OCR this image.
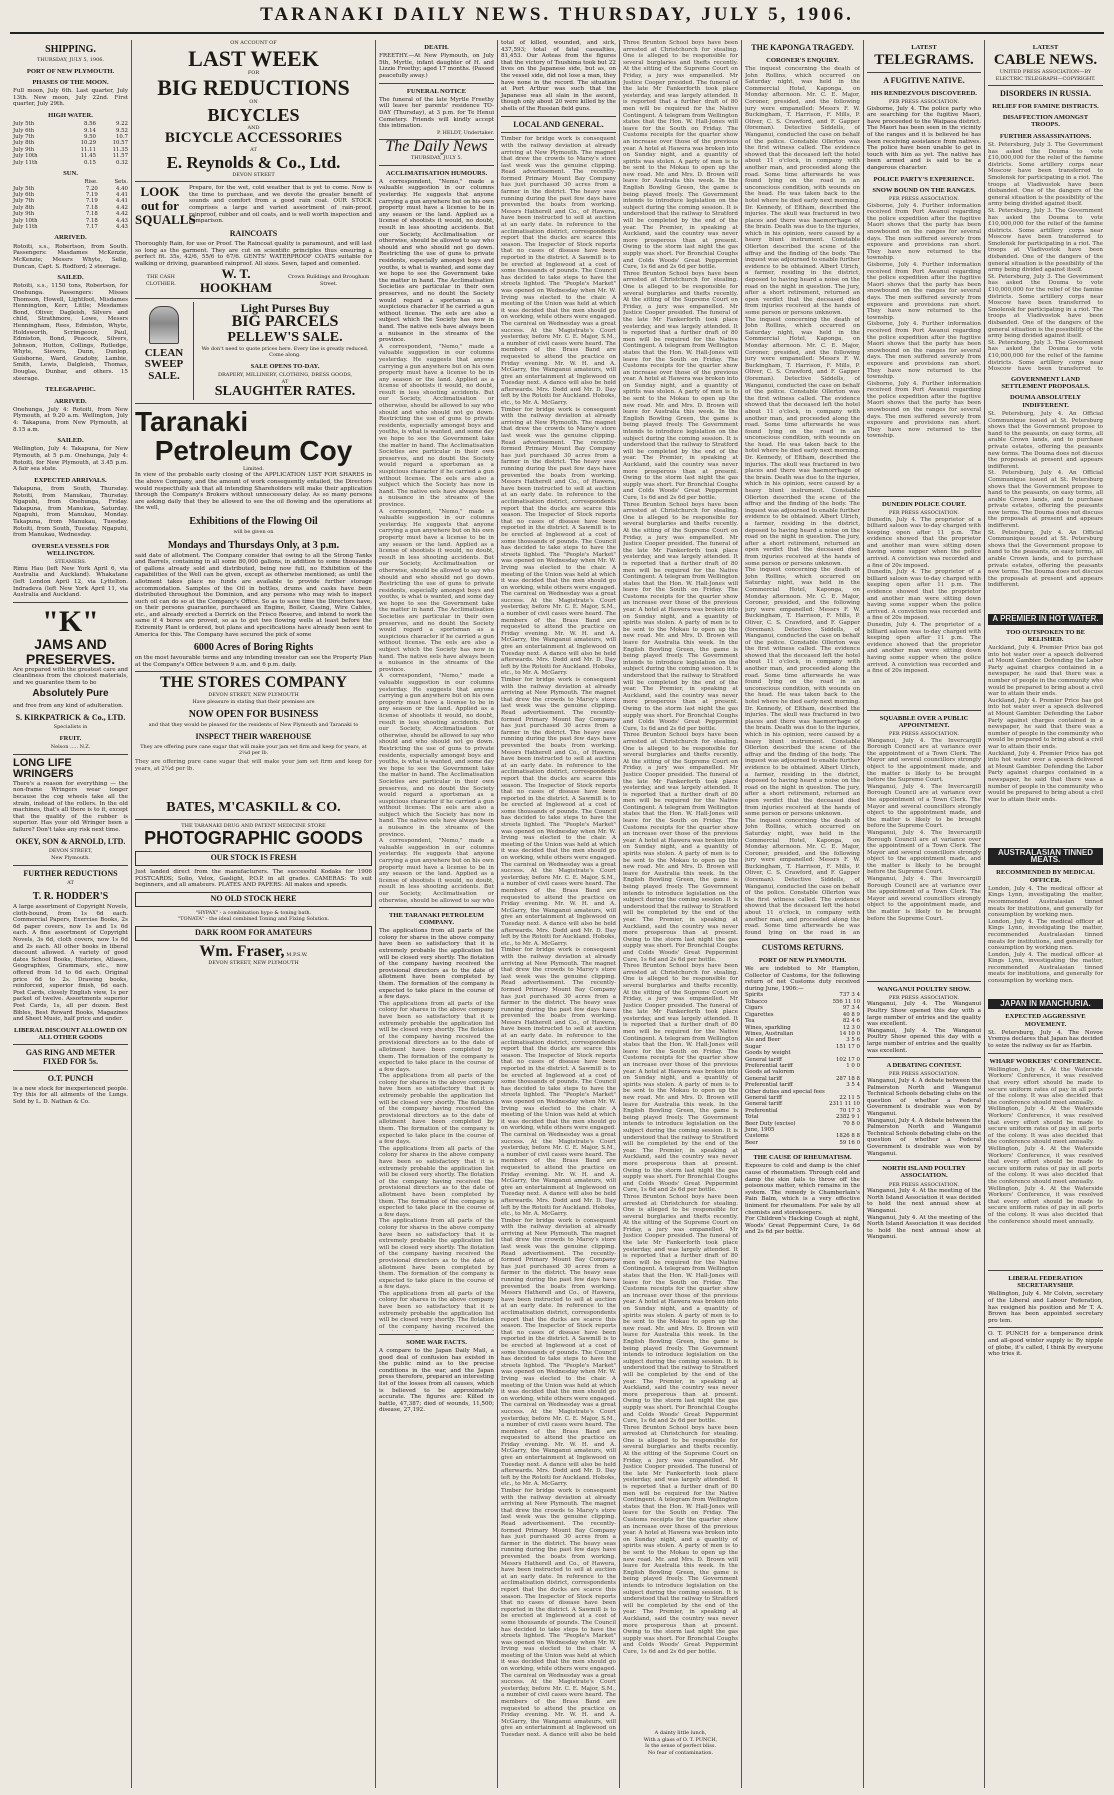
TARANAKI DAILY NEWS. THURSDAY, JULY 5, 1906.
SHIPPING.
THURSDAY, JULY 5, 1906.
PORT OF NEW PLYMOUTH.
PHASES OF THE MOON.
Full moon, July 6th. Last quarter, July 13th. New moon, July 22nd. First quarter, July 29th.
HIGH WATER.
July 5th	8.56	9.22
July 6th	9.14	9.52
July 7th	9.50	10.7
July 8th	10.29	10.57
July 9th	11.11	11.35
July 10th	11.45	11.57
July 11th	0.15	0.32
SUN.
	Rise.	Sets.
July 5th	7.20	4.40
July 6th	7.19	4.41
July 7th	7.19	4.41
July 8th	7.18	4.42
July 9th	7.18	4.42
July 10th	7.18	4.43
July 11th	7.17	4.43
ARRIVED.
Rotoiti, s.s., Robertson, from South. Passengers: Masdames McKenzie, McKenzie; Messrs Whyte, Selig, Duncan, Capt. S. Rodford; 2 steerage.
SAILED.
Rotoiti, s.s., 1150 tons, Robertson, for Onehunga. Passengers: Misses Thomson, Howell, Lightfoot, Misdames Hennington, Kerr, Little; Mesdames Bond, Oliver, Dagleish, Silvers and child, Strathmore, Lowe, Messrs Henningham, Rees, Edmiston, Whyte, Holdsworth, Scrimgeour, Paul, Edmiston, Bond, Peacock, Silvers, Johnson, Hutton, Collings, Rutledge, Whyte, Sievers, Dunn, Dunlop, Guisborne, Ward, Gradoby, Lambie, Smith, Lewis, Dalgleish, Thomas, Douglas, Dunbar, and others. 15 steerage.
TELEGRAPHIC.
ARRIVED.
Onehunga, July 4: Rotoiti, from New Plymouth, at 9.20 a.m. Wellington, July 4: Takapuna, from New Plymouth, at 8.15 a.m.
SAILED.
Wellington, July 4: Takapuna, for New Plymouth, at 5 p.m. Onehunga, July 4: Rotoiti, for New Plymouth, at 3.45 p.m. A fair sea state.
EXPECTED ARRIVALS.
Takapuna, from South, Thursday. Rotoiti, from Manukau, Thursday. Ngapuhi, from Onehunga, Friday. Takapuna, from Manukau, Saturday. Ngapuhi, from Manukau, Monday. Takapuna, from Manukau, Tuesday. Rotoiti, from South, Tuesday. Ngapuhi, from Manukau, Wednesday.
OVERSEA VESSELS FOR WELLINGTON.
STEAMERS.
Rimu Hau (left New York April 6, via Australia and Auckland). Whakatane (left London April 12, via Lyttelton. Indradeva (left New York April 11, via Australia and Auckland.
"K"
JAMS AND PRESERVES.
Are prepared with the greatest care and cleanliness from the choicest materials, and we guarantee them to be
Absolutely Pure
and free from any kind of adulteration.
S. KIRKPATRICK & Co., LTD.
Specialists in
FRUIT.
Nelson ..... N.Z.
LONG LIFE WRINGERS
There's a reason for everything — the non-frame Wringers wear longer because the cog wheels take all the strain, instead of the rollers. In the old machines, that's all there is to it, except that the quality of the rubber is superior. Has your old Wringer been a failure? Don't take any risk next time.
OKEY, SON & ARNOLD, LTD.
DEVON STREET,
New Plymouth.
FURTHER REDUCTIONS
AT
T. R. HODDER'S
A large assortment of Copyright Novels, cloth-bound, from 1s 6d each. Commercial Papers, Exercise Books, 2s 6d paper covers, now 1s and 1s 6d each. A fine assortment of Copyright Novels, 3s 6d, cloth covers, now 1s 6d and 2s each. All other books in liberal discount allowed. A variety of good dates School Books, Histories, Atlases, Geographies, Grammars, etc., now offered from 1d to 6d each. Original price 6d to 2s. Drawing books, reinforced, superior finish, 6d each. Post Cards, closely English view, 1s per packet of twelve. Assortments superior Post Cards, 1s, all per dozen. Best Bibles, Best Reward Books, Magazines and Sheet Music, half price and under.
LIBERAL DISCOUNT ALLOWED ON ALL OTHER GOODS
GAS RING AND METER FIXED FOR 5s.
O.T. PUNCH
is a new stock for inexperienced people. Try this for all ailments of the Lungs. Sold by L. D. Nathan & Co.
ON ACCOUNT OF
LAST WEEK
FOR
BIG REDUCTIONS
ON
BICYCLES
AND
BICYCLE ACCESSORIES
AT
E. Reynolds & Co., Ltd.
DEVON STREET
LOOK out for SQUALLS
Prepare, for the wet, cold weather that is yet to come. Now is the time to purchase, and we devote the greater benefit of sounds and comfort from a good rain coat. OUR STOCK comprises a large and varied assortment of rain-proof, rainproof, rubber and oil coats, and is well worth inspection and comparison.
RAINCOATS
Thoroughly Rain, for use or Proof. The Raincoat quality is paramount, and will last so long as the garment. They are cut on scientific principles thus ensuring a perfect fit. 35s, 42/6, 55/6 to 67/6. GENTS' WATERPROOF COATS suitable for walking or driving, guaranteed rainproof. All sizes. Sewn, taped and cemented.
THE CASH CLOTHIER.
W. T. HOOKHAM
Crown Buildings and Brougham Street.
CLEAN SWEEP SALE.
Light Purses Buy
BIG PARCELS
PELLEW'S SALE.
We don't need to quote prices here. Every line is greatly reduced. Come along.
SALE OPENS TO-DAY.
DRAPERY, MILLINERY, CLOTHING, DRESS GOODS,
AT
SLAUGHTER RATES.
Taranaki
Petroleum Coy
Limited.
In view of the probable early closing of the APPLICATION LIST FOR SHARES in the above Company, and the amount of work consequently entailed, the Directors would respectfully ask that all intending Shareholders will make their application through the Company's Brokers without unnecessary delay. As so many persons are asking daily that they be allowed to see the oil flowing and the operations at the well,
Exhibitions of the Flowing Oil
will be given on
Mondays and Thursdays Only, at 3 p.m.
said date of allotment. The Company consider that owing to all the Strong Tanks and Barrels, containing in all some 80,000 gallons, in addition to some thousands of gallons already sold and distributed, being now full, no Exhibition of the capabilities of the Well can be given, except as otherwise mentioned; as until the allotment takes place no funds are available to provide further storage accommodation. Samples of the Oil in bottles, drums and casks have been distributed throughout the Dominion, and any persons who may wish to inspect such oil can do so at the Company's Office. So as to save time the Directors have, on their persons guarantee, purchased an Engine, Boiler, Casing, Wire Cables, etc., and already erected a Derrick on the Frisco Reserve, and intend to work the same if 4 bores are proved, so as to get two flowing wells at least before the Extremity Plant is ordered, but plans and specifications have already been sent to America for this. The Company have secured the pick of some
6000 Acres of Boring Rights
on the most favourable terms and any intending investor can see the Property Plan at the Company's Office between 9 a.m. and 6 p.m. daily.
THE STORES COMPANY
DEVON STREET, NEW PLYMOUTH
Have pleasure in stating that their premises are
NOW OPEN FOR BUSINESS
and that they would be pleased for the residents of New Plymouth and Taranaki to
INSPECT THEIR WAREHOUSE
They are offering pure cane sugar that will make your jam set firm and keep for years, at 2¼d per lb.
They are offering pure cane sugar that will make your jam set firm and keep for years, at 2¼d per lb.
BATES, M'CASKILL & CO.
THE TARANAKI DRUG AND PATENT MEDICINE STORE
PHOTOGRAPHIC GOODS
OUR STOCK IS FRESH
Just landed direct from the manufacturers. The successful Kodaks for 1906 POSTCARDS; Solio, Velox, Gaslight, P.O.P. in all grades. CAMERAS: To suit beginners, and all amateurs. PLATES AND PAPERS: All makes and speeds.
NO OLD STOCK HERE
"HYPAX" - a combination hypo & toning bath.
"TONATA" - the ideal combined Toning and Fixing Solution.
DARK ROOM FOR AMATEURS
Wm. Fraser, M.P.S.W.
DEVON STREET, NEW PLYMOUTH
DEATH.
FREETHY.—At New Plymouth, on July 5th, Myrtle, infant daughter of H. and Lizzie Freethy; aged 17 months. (Passed peacefully away.)
FUNERAL NOTICE
The funeral of the late Myrtle Freethy will leave her parents' residence TO-DAY (Thursday), at 3 p.m. for Te Henui Cemetery. Friends will kindly accept this intimation.
P. HELDT, Undertaker.
The Daily News
THURSDAY, JULY 5.
ACCLIMATISATION HUMOURS.
A correspondent, "Nemo," made a valuable suggestion in our columns yesterday. He suggests that anyone carrying a gun anywhere but on his own property must have a license to be in any season or the land. Applied as a license of shootists it would, no doubt, result in less shooting accidents. But our Society, Acclimatisation or otherwise, should be allowed to say who should and who should not go down. Restricting the use of guns to private residents, especially amongst boys and youths, is what is wanted, and some day we hope to see the Government take the matter in hand. The Acclimatisation Societies are particular in their own preserves, and no doubt the Society would regard a sportsman as a suspicious character if he carried a gun without license. The eels are also a subject which the Society has now in hand. The native eels have always been a nuisance in the streams of the province.
A correspondent, "Nemo," made a valuable suggestion in our columns yesterday. He suggests that anyone carrying a gun anywhere but on his own property must have a license to be in any season or the land. Applied as a license of shootists it would, no doubt, result in less shooting accidents. But our Society, Acclimatisation or otherwise, should be allowed to say who should and who should not go down. Restricting the use of guns to private residents, especially amongst boys and youths, is what is wanted, and some day we hope to see the Government take the matter in hand. The Acclimatisation Societies are particular in their own preserves, and no doubt the Society would regard a sportsman as a suspicious character if he carried a gun without license. The eels are also a subject which the Society has now in hand. The native eels have always been a nuisance in the streams of the province.
A correspondent, "Nemo," made a valuable suggestion in our columns yesterday. He suggests that anyone carrying a gun anywhere but on his own property must have a license to be in any season or the land. Applied as a license of shootists it would, no doubt, result in less shooting accidents. But our Society, Acclimatisation or otherwise, should be allowed to say who should and who should not go down. Restricting the use of guns to private residents, especially amongst boys and youths, is what is wanted, and some day we hope to see the Government take the matter in hand. The Acclimatisation Societies are particular in their own preserves, and no doubt the Society would regard a sportsman as a suspicious character if he carried a gun without license. The eels are also a subject which the Society has now in hand. The native eels have always been a nuisance in the streams of the province.
A correspondent, "Nemo," made a valuable suggestion in our columns yesterday. He suggests that anyone carrying a gun anywhere but on his own property must have a license to be in any season or the land. Applied as a license of shootists it would, no doubt, result in less shooting accidents. But our Society, Acclimatisation or otherwise, should be allowed to say who should and who should not go down. Restricting the use of guns to private residents, especially amongst boys and youths, is what is wanted, and some day we hope to see the Government take the matter in hand. The Acclimatisation Societies are particular in their own preserves, and no doubt the Society would regard a sportsman as a suspicious character if he carried a gun without license. The eels are also a subject which the Society has now in hand. The native eels have always been a nuisance in the streams of the province.
A correspondent, "Nemo," made a valuable suggestion in our columns yesterday. He suggests that anyone carrying a gun anywhere but on his own property must have a license to be in any season or the land. Applied as a license of shootists it would, no doubt, result in less shooting accidents. But our Society, Acclimatisation or otherwise, should be allowed to say who
THE TARANAKI PETROLEUM COMPANY.
The applications from all parts of the colony for shares in the above company have been so satisfactory that it is extremely probable the application list will be closed very shortly. The flotation of the company having received the provisional directors as to the date of allotment have been completed by them. The formation of the company is expected to take place in the course of a few days.
The applications from all parts of the colony for shares in the above company have been so satisfactory that it is extremely probable the application list will be closed very shortly. The flotation of the company having received the provisional directors as to the date of allotment have been completed by them. The formation of the company is expected to take place in the course of a few days.
The applications from all parts of the colony for shares in the above company have been so satisfactory that it is extremely probable the application list will be closed very shortly. The flotation of the company having received the provisional directors as to the date of allotment have been completed by them. The formation of the company is expected to take place in the course of a few days.
The applications from all parts of the colony for shares in the above company have been so satisfactory that it is extremely probable the application list will be closed very shortly. The flotation of the company having received the provisional directors as to the date of allotment have been completed by them. The formation of the company is expected to take place in the course of a few days.
The applications from all parts of the colony for shares in the above company have been so satisfactory that it is extremely probable the application list will be closed very shortly. The flotation of the company having received the provisional directors as to the date of allotment have been completed by them. The formation of the company is expected to take place in the course of a few days.
The applications from all parts of the colony for shares in the above company have been so satisfactory that it is extremely probable the application list will be closed very shortly. The flotation of the company having received the
SOME WAR FACTS.
A compare to the Japan Daily Mail, a good deal of confusion has existed in the public mind as to the precise conditions in the war, and the Japan press therefore, prepared an interesting list of the losses from all causes, which is believed to be approximately accurate. The figures are: Killed in battle, 47,387; died of wounds, 11,500; disease, 27,192.
total of killed, wounded, and sick, 437,593; total of fatal casualties, 81,453. Our Aoteas from the figures that the victory of Tsushima took but 22 lives on the Japanese side, but as, on the vessel side, did not lose a man, they have none in the record. The situation at Port Arthur was such that the Japanese was all slain in the ascent, though only about 20 were killed by the shells of the Russian field guns.
LOCAL AND GENERAL.
Timber for bridge work is consequent with the railway deviation at already arriving at New Plymouth. The magnet that drew the crowds to Marsy's store last week was the genuine clipping. Read advertisement. The recently-formed Primary Mount Bay Company has just purchased 30 acres from a farmer in the district. The heavy seas running during the past few days have prevented the boats from working. Messrs Hatherell and Co., of Hawera, have been instructed to sell at auction at an early date. In reference to the acclimatisation district, correspondents report that the ducks are scarce this season. The Inspector of Stock reports that no cases of disease have been reported in the district. A Sawmill is to be erected at Inglewood at a cost of some thousands of pounds. The Council has decided to take steps to have the streets lighted. The "People's Market" was opened on Wednesday when Mr. W. Irving was elected to the chair. A meeting of the Union was held at which it was decided that the men should go on working, while others were engaged. The carnival on Wednesday was a great success. At the Magistrate's Court yesterday, before Mr. C. E. Major, S.M., a number of civil cases were heard. The members of the Brass Band are requested to attend the practice on Friday evening. Mr. W. H. and A. McGarry, the Wanganui amateurs, will give an entertainment at Inglewood on Tuesday next. A dance will also be held afterwards. Mrs. Dodd and Mr. D. Day left by the Rotoiti for Auckland. Hoboks, etc., to Mr. A. McGarry.
Timber for bridge work is consequent with the railway deviation at already arriving at New Plymouth. The magnet that drew the crowds to Marsy's store last week was the genuine clipping. Read advertisement. The recently-formed Primary Mount Bay Company has just purchased 30 acres from a farmer in the district. The heavy seas running during the past few days have prevented the boats from working. Messrs Hatherell and Co., of Hawera, have been instructed to sell at auction at an early date. In reference to the acclimatisation district, correspondents report that the ducks are scarce this season. The Inspector of Stock reports that no cases of disease have been reported in the district. A Sawmill is to be erected at Inglewood at a cost of some thousands of pounds. The Council has decided to take steps to have the streets lighted. The "People's Market" was opened on Wednesday when Mr. W. Irving was elected to the chair. A meeting of the Union was held at which it was decided that the men should go on working, while others were engaged. The carnival on Wednesday was a great success. At the Magistrate's Court yesterday, before Mr. C. E. Major, S.M., a number of civil cases were heard. The members of the Brass Band are requested to attend the practice on Friday evening. Mr. W. H. and A. McGarry, the Wanganui amateurs, will give an entertainment at Inglewood on Tuesday next. A dance will also be held afterwards. Mrs. Dodd and Mr. D. Day left by the Rotoiti for Auckland. Hoboks, etc., to Mr. A. McGarry.
Timber for bridge work is consequent with the railway deviation at already arriving at New Plymouth. The magnet that drew the crowds to Marsy's store last week was the genuine clipping. Read advertisement. The recently-formed Primary Mount Bay Company has just purchased 30 acres from a farmer in the district. The heavy seas running during the past few days have prevented the boats from working. Messrs Hatherell and Co., of Hawera, have been instructed to sell at auction at an early date. In reference to the acclimatisation district, correspondents report that the ducks are scarce this season. The Inspector of Stock reports that no cases of disease have been reported in the district. A Sawmill is to be erected at Inglewood at a cost of some thousands of pounds. The Council has decided to take steps to have the streets lighted. The "People's Market" was opened on Wednesday when Mr. W. Irving was elected to the chair. A meeting of the Union was held at which it was decided that the men should go on working, while others were engaged. The carnival on Wednesday was a great success. At the Magistrate's Court yesterday, before Mr. C. E. Major, S.M., a number of civil cases were heard. The members of the Brass Band are requested to attend the practice on Friday evening. Mr. W. H. and A. McGarry, the Wanganui amateurs, will give an entertainment at Inglewood on Tuesday next. A dance will also be held afterwards. Mrs. Dodd and Mr. D. Day left by the Rotoiti for Auckland. Hoboks, etc., to Mr. A. McGarry.
Timber for bridge work is consequent with the railway deviation at already arriving at New Plymouth. The magnet that drew the crowds to Marsy's store last week was the genuine clipping. Read advertisement. The recently-formed Primary Mount Bay Company has just purchased 30 acres from a farmer in the district. The heavy seas running during the past few days have prevented the boats from working. Messrs Hatherell and Co., of Hawera, have been instructed to sell at auction at an early date. In reference to the acclimatisation district, correspondents report that the ducks are scarce this season. The Inspector of Stock reports that no cases of disease have been reported in the district. A Sawmill is to be erected at Inglewood at a cost of some thousands of pounds. The Council has decided to take steps to have the streets lighted. The "People's Market" was opened on Wednesday when Mr. W. Irving was elected to the chair. A meeting of the Union was held at which it was decided that the men should go on working, while others were engaged. The carnival on Wednesday was a great success. At the Magistrate's Court yesterday, before Mr. C. E. Major, S.M., a number of civil cases were heard. The members of the Brass Band are requested to attend the practice on Friday evening. Mr. W. H. and A. McGarry, the Wanganui amateurs, will give an entertainment at Inglewood on Tuesday next. A dance will also be held afterwards. Mrs. Dodd and Mr. D. Day left by the Rotoiti for Auckland. Hoboks, etc., to Mr. A. McGarry.
Timber for bridge work is consequent with the railway deviation at already arriving at New Plymouth. The magnet that drew the crowds to Marsy's store last week was the genuine clipping. Read advertisement. The recently-formed Primary Mount Bay Company has just purchased 30 acres from a farmer in the district. The heavy seas running during the past few days have prevented the boats from working. Messrs Hatherell and Co., of Hawera, have been instructed to sell at auction at an early date. In reference to the acclimatisation district, correspondents report that the ducks are scarce this season. The Inspector of Stock reports that no cases of disease have been reported in the district. A Sawmill is to be erected at Inglewood at a cost of some thousands of pounds. The Council has decided to take steps to have the streets lighted. The "People's Market" was opened on Wednesday when Mr. W. Irving was elected to the chair. A meeting of the Union was held at which it was decided that the men should go on working, while others were engaged. The carnival on Wednesday was a great success. At the Magistrate's Court yesterday, before Mr. C. E. Major, S.M., a number of civil cases were heard. The members of the Brass Band are requested to attend the practice on Friday evening. Mr. W. H. and A. McGarry, the Wanganui amateurs, will give an entertainment at Inglewood on Tuesday next. A dance will also be held afterwards. Mrs. Dodd and Mr. D. Day left by the Rotoiti for Auckland. Hoboks, etc., to Mr. A. McGarry.
Timber for bridge work is consequent with the railway deviation at already arriving at New Plymouth. The magnet that drew the crowds to Marsy's store last week was the genuine clipping. Read advertisement. The recently-formed Primary Mount Bay Company has just purchased 30 acres from a farmer in the district. The heavy seas running during the past few days have prevented the boats from working. Messrs Hatherell and Co., of Hawera, have been instructed to sell at auction at an early date. In reference to the acclimatisation district, correspondents report that the ducks are scarce this season. The Inspector of Stock reports that no cases of disease have been reported in the district. A Sawmill is to be erected at Inglewood at a cost of some thousands of pounds. The Council has decided to take steps to have the streets lighted. The "People's Market" was opened on Wednesday when Mr. W. Irving was elected to the chair. A meeting of the Union was held at which it was decided that the men should go on working, while others were engaged. The carnival on Wednesday was a great success. At the Magistrate's Court yesterday, before Mr. C. E. Major, S.M., a number of civil cases were heard. The members of the Brass Band are requested to attend the practice on Friday evening. Mr. W. H. and A. McGarry, the Wanganui amateurs, will give an entertainment at Inglewood on Tuesday next. A dance will also be held
Three Brunton School boys have been arrested at Christchurch for stealing. One is alleged to be responsible for several burglaries and thefts recently. At the sitting of the Supreme Court on Friday, a jury was empanelled. Mr Justice Cooper presided. The funeral of the late Mr Fankerforth took place yesterday, and was largely attended. It is reported that a further draft of 80 men will be required for the Native Contingent. A telegram from Wellington states that the Hon. W. Hall-Jones will leave for the South on Friday. The Customs receipts for the quarter show an increase over those of the previous year. A hotel at Hawera was broken into on Sunday night, and a quantity of spirits was stolen. A party of men is to be sent to the Mokau to open up the new road. Mr. and Mrs. D. Brown will leave for Australia this week. In the English Bowling Green, the game is being played freely. The Government intends to introduce legislation on the subject during the coming session. It is understood that the railway to Stratford will be completed by the end of the year. The Premier, in speaking at Auckland, said the country was never more prosperous than at present. Owing to the storm last night the gas supply was short. For Bronchial Coughs and Colds Woods' Great Peppermint Cure, 1s 6d and 2s 6d per bottle.
Three Brunton School boys have been arrested at Christchurch for stealing. One is alleged to be responsible for several burglaries and thefts recently. At the sitting of the Supreme Court on Friday, a jury was empanelled. Mr Justice Cooper presided. The funeral of the late Mr Fankerforth took place yesterday, and was largely attended. It is reported that a further draft of 80 men will be required for the Native Contingent. A telegram from Wellington states that the Hon. W. Hall-Jones will leave for the South on Friday. The Customs receipts for the quarter show an increase over those of the previous year. A hotel at Hawera was broken into on Sunday night, and a quantity of spirits was stolen. A party of men is to be sent to the Mokau to open up the new road. Mr. and Mrs. D. Brown will leave for Australia this week. In the English Bowling Green, the game is being played freely. The Government intends to introduce legislation on the subject during the coming session. It is understood that the railway to Stratford will be completed by the end of the year. The Premier, in speaking at Auckland, said the country was never more prosperous than at present. Owing to the storm last night the gas supply was short. For Bronchial Coughs and Colds Woods' Great Peppermint Cure, 1s 6d and 2s 6d per bottle.
Three Brunton School boys have been arrested at Christchurch for stealing. One is alleged to be responsible for several burglaries and thefts recently. At the sitting of the Supreme Court on Friday, a jury was empanelled. Mr Justice Cooper presided. The funeral of the late Mr Fankerforth took place yesterday, and was largely attended. It is reported that a further draft of 80 men will be required for the Native Contingent. A telegram from Wellington states that the Hon. W. Hall-Jones will leave for the South on Friday. The Customs receipts for the quarter show an increase over those of the previous year. A hotel at Hawera was broken into on Sunday night, and a quantity of spirits was stolen. A party of men is to be sent to the Mokau to open up the new road. Mr. and Mrs. D. Brown will leave for Australia this week. In the English Bowling Green, the game is being played freely. The Government intends to introduce legislation on the subject during the coming session. It is understood that the railway to Stratford will be completed by the end of the year. The Premier, in speaking at Auckland, said the country was never more prosperous than at present. Owing to the storm last night the gas supply was short. For Bronchial Coughs and Colds Woods' Great Peppermint Cure, 1s 6d and 2s 6d per bottle.
Three Brunton School boys have been arrested at Christchurch for stealing. One is alleged to be responsible for several burglaries and thefts recently. At the sitting of the Supreme Court on Friday, a jury was empanelled. Mr Justice Cooper presided. The funeral of the late Mr Fankerforth took place yesterday, and was largely attended. It is reported that a further draft of 80 men will be required for the Native Contingent. A telegram from Wellington states that the Hon. W. Hall-Jones will leave for the South on Friday. The Customs receipts for the quarter show an increase over those of the previous year. A hotel at Hawera was broken into on Sunday night, and a quantity of spirits was stolen. A party of men is to be sent to the Mokau to open up the new road. Mr. and Mrs. D. Brown will leave for Australia this week. In the English Bowling Green, the game is being played freely. The Government intends to introduce legislation on the subject during the coming session. It is understood that the railway to Stratford will be completed by the end of the year. The Premier, in speaking at Auckland, said the country was never more prosperous than at present. Owing to the storm last night the gas supply was short. For Bronchial Coughs and Colds Woods' Great Peppermint Cure, 1s 6d and 2s 6d per bottle.
Three Brunton School boys have been arrested at Christchurch for stealing. One is alleged to be responsible for several burglaries and thefts recently. At the sitting of the Supreme Court on Friday, a jury was empanelled. Mr Justice Cooper presided. The funeral of the late Mr Fankerforth took place yesterday, and was largely attended. It is reported that a further draft of 80 men will be required for the Native Contingent. A telegram from Wellington states that the Hon. W. Hall-Jones will leave for the South on Friday. The Customs receipts for the quarter show an increase over those of the previous year. A hotel at Hawera was broken into on Sunday night, and a quantity of spirits was stolen. A party of men is to be sent to the Mokau to open up the new road. Mr. and Mrs. D. Brown will leave for Australia this week. In the English Bowling Green, the game is being played freely. The Government intends to introduce legislation on the subject during the coming session. It is understood that the railway to Stratford will be completed by the end of the year. The Premier, in speaking at Auckland, said the country was never more prosperous than at present. Owing to the storm last night the gas supply was short. For Bronchial Coughs and Colds Woods' Great Peppermint Cure, 1s 6d and 2s 6d per bottle.
Three Brunton School boys have been arrested at Christchurch for stealing. One is alleged to be responsible for several burglaries and thefts recently. At the sitting of the Supreme Court on Friday, a jury was empanelled. Mr Justice Cooper presided. The funeral of the late Mr Fankerforth took place yesterday, and was largely attended. It is reported that a further draft of 80 men will be required for the Native Contingent. A telegram from Wellington states that the Hon. W. Hall-Jones will leave for the South on Friday. The Customs receipts for the quarter show an increase over those of the previous year. A hotel at Hawera was broken into on Sunday night, and a quantity of spirits was stolen. A party of men is to be sent to the Mokau to open up the new road. Mr. and Mrs. D. Brown will leave for Australia this week. In the English Bowling Green, the game is being played freely. The Government intends to introduce legislation on the subject during the coming session. It is understood that the railway to Stratford will be completed by the end of the year. The Premier, in speaking at Auckland, said the country was never more prosperous than at present. Owing to the storm last night the gas supply was short. For Bronchial Coughs and Colds Woods' Great Peppermint Cure, 1s 6d and 2s 6d per bottle.
Three Brunton School boys have been arrested at Christchurch for stealing. One is alleged to be responsible for several burglaries and thefts recently. At the sitting of the Supreme Court on Friday, a jury was empanelled. Mr Justice Cooper presided. The funeral of the late Mr Fankerforth took place yesterday, and was largely attended. It is reported that a further draft of 80 men will be required for the Native Contingent. A telegram from Wellington states that the Hon. W. Hall-Jones will leave for the South on Friday. The Customs receipts for the quarter show an increase over those of the previous year. A hotel at Hawera was broken into on Sunday night, and a quantity of spirits was stolen. A party of men is to be sent to the Mokau to open up the new road. Mr. and Mrs. D. Brown will leave for Australia this week. In the English Bowling Green, the game is being played freely. The Government intends to introduce legislation on the subject during the coming session. It is understood that the railway to Stratford will be completed by the end of the year. The Premier, in speaking at Auckland, said the country was never more prosperous than at present. Owing to the storm last night the gas supply was short. For Bronchial Coughs and Colds Woods' Great Peppermint Cure, 1s 6d and 2s 6d per bottle.
A dainty little lunch,
With a glass of O. T. PUNCH,
Is the sense of perfect bliss.
No fear of contamination.
THE KAPONGA TRAGEDY.
CORONER'S ENQUIRY.
The inquest concerning the death of John Rollins, which occurred on Saturday night, was held in the Commercial Hotel, Kaponga, on Monday afternoon. Mr. C. E. Major, Coroner, presided, and the following jury were empanelled: Messrs F. W. Buckingham, T. Harrison, F. Mills, P. Oliver, C. S. Crawford, and F. Gapper (foreman). Detective Siddells, of Wanganui, conducted the case on behalf of the police. Constable Ollerton was the first witness called. The evidence showed that the deceased left the hotel about 11 o'clock, in company with another man, and proceeded along the road. Some time afterwards he was found lying on the road in an unconscious condition, with wounds on the head. He was taken back to the hotel where he died early next morning. Dr. Kennedy, of Eltham, described the injuries. The skull was fractured in two places and there was haemorrhage of the brain. Death was due to the injuries, which in his opinion, were caused by a heavy blunt instrument. Constable Ollerton described the scene of the affray and the finding of the body. The inquest was adjourned to enable further evidence to be obtained. Albert Ulrich, a farmer, residing in the district, deposed to having heard a noise on the road on the night in question. The jury, after a short retirement, returned an open verdict that the deceased died from injuries received at the hands of some person or persons unknown.
The inquest concerning the death of John Rollins, which occurred on Saturday night, was held in the Commercial Hotel, Kaponga, on Monday afternoon. Mr. C. E. Major, Coroner, presided, and the following jury were empanelled: Messrs F. W. Buckingham, T. Harrison, F. Mills, P. Oliver, C. S. Crawford, and F. Gapper (foreman). Detective Siddells, of Wanganui, conducted the case on behalf of the police. Constable Ollerton was the first witness called. The evidence showed that the deceased left the hotel about 11 o'clock, in company with another man, and proceeded along the road. Some time afterwards he was found lying on the road in an unconscious condition, with wounds on the head. He was taken back to the hotel where he died early next morning. Dr. Kennedy, of Eltham, described the injuries. The skull was fractured in two places and there was haemorrhage of the brain. Death was due to the injuries, which in his opinion, were caused by a heavy blunt instrument. Constable Ollerton described the scene of the affray and the finding of the body. The inquest was adjourned to enable further evidence to be obtained. Albert Ulrich, a farmer, residing in the district, deposed to having heard a noise on the road on the night in question. The jury, after a short retirement, returned an open verdict that the deceased died from injuries received at the hands of some person or persons unknown.
The inquest concerning the death of John Rollins, which occurred on Saturday night, was held in the Commercial Hotel, Kaponga, on Monday afternoon. Mr. C. E. Major, Coroner, presided, and the following jury were empanelled: Messrs F. W. Buckingham, T. Harrison, F. Mills, P. Oliver, C. S. Crawford, and F. Gapper (foreman). Detective Siddells, of Wanganui, conducted the case on behalf of the police. Constable Ollerton was the first witness called. The evidence showed that the deceased left the hotel about 11 o'clock, in company with another man, and proceeded along the road. Some time afterwards he was found lying on the road in an unconscious condition, with wounds on the head. He was taken back to the hotel where he died early next morning. Dr. Kennedy, of Eltham, described the injuries. The skull was fractured in two places and there was haemorrhage of the brain. Death was due to the injuries, which in his opinion, were caused by a heavy blunt instrument. Constable Ollerton described the scene of the affray and the finding of the body. The inquest was adjourned to enable further evidence to be obtained. Albert Ulrich, a farmer, residing in the district, deposed to having heard a noise on the road on the night in question. The jury, after a short retirement, returned an open verdict that the deceased died from injuries received at the hands of some person or persons unknown.
The inquest concerning the death of John Rollins, which occurred on Saturday night, was held in the Commercial Hotel, Kaponga, on Monday afternoon. Mr. C. E. Major, Coroner, presided, and the following jury were empanelled: Messrs F. W. Buckingham, T. Harrison, F. Mills, P. Oliver, C. S. Crawford, and F. Gapper (foreman). Detective Siddells, of Wanganui, conducted the case on behalf of the police. Constable Ollerton was the first witness called. The evidence showed that the deceased left the hotel about 11 o'clock, in company with another man, and proceeded along the road. Some time afterwards he was found lying on the road in an
CUSTOMS RETURNS.
PORT OF NEW PLYMOUTH.
We are indebted to Mr Hampton, Collector of Customs, for the following return of net Customs duty received during June, 1906:—
Spirits	737 3 4
Tobacco	556 11 10
Cigars	97 3 4
Cigarettes	40 8 9
Tea	82 4 6
Wines, sparkling	12 3 0
Wines, Australian	14 10 0
Ale and Beer	3 5 6
Sugar	151 17 0
Goods by weight	
General tariff	102 17 0
Preferential tariff	1 0 0
Goods ad valorem	
General tariff	287 18 8
Preferential tariff	3 5 4
Other duties and special fees	
General tariff	22 11 5
General tariff	2311 11 10
Preferential	70 17 3
Total	2382 9 1
Beer Duty (excise)	70 8 0
June, 1905	
Customs	1826 8 8
Beer	59 16 0
THE CAUSE OF RHEUMATISM.
Exposure to cold and damp is the chief cause of rheumatism. Through cold and damp the skin fails to throw off the poisonous matter, which remains in the system. The remedy is Chamberlain's Pain Balm, which is a very effective liniment for rheumatism. For sale by all chemists and storekeepers.
For Children's Hacking Cough at night, Woods' Great Peppermint Cure, 1s 6d and 2s 6d per bottle.
LATEST
TELEGRAMS.
A FUGITIVE NATIVE.
HIS RENDEZVOUS DISCOVERED.
PER PRESS ASSOCIATION.
Gisborne, July 4. The police party who are searching for the fugitive Maori, have proceeded to the Waipaoa district. The Maori has been seen in the vicinity of the ranges and it is believed he has been receiving assistance from natives. The police have been unable to get in touch with him as yet. The native has been armed and is said to be a dangerous character.
POLICE PARTY'S EXPERIENCE.
SNOW BOUND ON THE RANGES.
PER PRESS ASSOCIATION.
Gisborne, July 4. Further information received from Port Awanui regarding the police expedition after the fugitive Maori shows that the party has been snowbound on the ranges for several days. The men suffered severely from exposure and provisions ran short. They have now returned to the township.
Gisborne, July 4. Further information received from Port Awanui regarding the police expedition after the fugitive Maori shows that the party has been snowbound on the ranges for several days. The men suffered severely from exposure and provisions ran short. They have now returned to the township.
Gisborne, July 4. Further information received from Port Awanui regarding the police expedition after the fugitive Maori shows that the party has been snowbound on the ranges for several days. The men suffered severely from exposure and provisions ran short. They have now returned to the township.
Gisborne, July 4. Further information received from Port Awanui regarding the police expedition after the fugitive Maori shows that the party has been snowbound on the ranges for several days. The men suffered severely from exposure and provisions ran short. They have now returned to the township.
DUNEDIN POLICE COURT.
PER PRESS ASSOCIATION.
Dunedin, July 4. The proprietor of a billiard saloon was to-day charged with keeping open after 11 p.m. The evidence showed that the proprietor and another man were sitting down having some supper when the police arrived. A conviction was recorded and a fine of 20s imposed.
Dunedin, July 4. The proprietor of a billiard saloon was to-day charged with keeping open after 11 p.m. The evidence showed that the proprietor and another man were sitting down having some supper when the police arrived. A conviction was recorded and a fine of 20s imposed.
Dunedin, July 4. The proprietor of a billiard saloon was to-day charged with keeping open after 11 p.m. The evidence showed that the proprietor and another man were sitting down having some supper when the police arrived. A conviction was recorded and a fine of 20s imposed.
SQUABBLE OVER A PUBLIC APPOINTMENT.
PER PRESS ASSOCIATION.
Wanganui, July 4. The Invercargill Borough Council are at variance over the appointment of a Town Clerk. The Mayor and several councillors strongly object to the appointment made, and the matter is likely to be brought before the Supreme Court.
Wanganui, July 4. The Invercargill Borough Council are at variance over the appointment of a Town Clerk. The Mayor and several councillors strongly object to the appointment made, and the matter is likely to be brought before the Supreme Court.
Wanganui, July 4. The Invercargill Borough Council are at variance over the appointment of a Town Clerk. The Mayor and several councillors strongly object to the appointment made, and the matter is likely to be brought before the Supreme Court.
Wanganui, July 4. The Invercargill Borough Council are at variance over the appointment of a Town Clerk. The Mayor and several councillors strongly object to the appointment made, and the matter is likely to be brought before the Supreme Court.
WANGANUI POULTRY SHOW.
PER PRESS ASSOCIATION.
Wanganui, July 4. The Wanganui Poultry Show opened this day with a large number of entries and the quality was excellent.
Wanganui, July 4. The Wanganui Poultry Show opened this day with a large number of entries and the quality was excellent.
A DEBATING CONTEST.
PER PRESS ASSOCIATION.
Wanganui, July 4. A debate between the Palmerston North and Wanganui Technical Schools debating clubs on the question of whether a Federal Government is desirable was won by Wanganui.
Wanganui, July 4. A debate between the Palmerston North and Wanganui Technical Schools debating clubs on the question of whether a Federal Government is desirable was won by Wanganui.
NORTH ISLAND POULTRY ASSOCIATION.
PER PRESS ASSOCIATION.
Wanganui, July 4. At the meeting of the North Island Association it was decided to hold the next annual show at Wanganui.
Wanganui, July 4. At the meeting of the North Island Association it was decided to hold the next annual show at Wanganui.
LATEST
CABLE NEWS.
UNITED PRESS ASSOCIATION—BY ELECTRIC TELEGRAPH—COPYRIGHT.
DISORDERS IN RUSSIA.
RELIEF FOR FAMINE DISTRICTS.
DISAFFECTION AMONGST TROOPS.
FURTHER ASSASSINATIONS.
St. Petersburg, July 3. The Government has asked the Douma to vote £10,000,000 for the relief of the famine districts. Some artillery corps near Moscow have been transferred to Smolensk for participating in a riot. The troops at Vladivostok have been disbanded. One of the dangers of the general situation is the possibility of the army being divided against itself.
St. Petersburg, July 3. The Government has asked the Douma to vote £10,000,000 for the relief of the famine districts. Some artillery corps near Moscow have been transferred to Smolensk for participating in a riot. The troops at Vladivostok have been disbanded. One of the dangers of the general situation is the possibility of the army being divided against itself.
St. Petersburg, July 3. The Government has asked the Douma to vote £10,000,000 for the relief of the famine districts. Some artillery corps near Moscow have been transferred to Smolensk for participating in a riot. The troops at Vladivostok have been disbanded. One of the dangers of the general situation is the possibility of the army being divided against itself.
St. Petersburg, July 3. The Government has asked the Douma to vote £10,000,000 for the relief of the famine districts. Some artillery corps near Moscow have been transferred to
GOVERNMENT LAND SETTLEMENT PROPOSALS.
DOUMA ABSOLUTELY INDIFFERENT.
St. Petersburg, July 4. An Official Communique issued at St. Petersburg shows that the Government propose to hand to the peasants, on easy terms, all arable Crown lands, and to purchase private estates, offering the peasants new terms. The Douma does not discuss the proposals at present and appears indifferent.
St. Petersburg, July 4. An Official Communique issued at St. Petersburg shows that the Government propose to hand to the peasants, on easy terms, all arable Crown lands, and to purchase private estates, offering the peasants new terms. The Douma does not discuss the proposals at present and appears indifferent.
St. Petersburg, July 4. An Official Communique issued at St. Petersburg shows that the Government propose to hand to the peasants, on easy terms, all arable Crown lands, and to purchase private estates, offering the peasants new terms. The Douma does not discuss the proposals at present and appears indifferent.
A PREMIER IN HOT WATER.
TOO OUTSPOKEN TO BE RELISHED.
Auckland, July 4. Premier Price has got into hot water over a speech delivered at Mount Gambier. Defending the Labor Party against charges contained in a newspaper, he said that there was a number of people in the community who would be prepared to bring about a civil war to attain their ends.
Auckland, July 4. Premier Price has got into hot water over a speech delivered at Mount Gambier. Defending the Labor Party against charges contained in a newspaper, he said that there was a number of people in the community who would be prepared to bring about a civil war to attain their ends.
Auckland, July 4. Premier Price has got into hot water over a speech delivered at Mount Gambier. Defending the Labor Party against charges contained in a newspaper, he said that there was a number of people in the community who would be prepared to bring about a civil war to attain their ends.
AUSTRALASIAN TINNED MEATS.
RECOMMENDED BY MEDICAL OFFICER.
London, July 4. The medical officer at Kings Lynn, investigating the matter, recommended Australasian tinned meats for institutions, and generally for consumption by working men.
London, July 4. The medical officer at Kings Lynn, investigating the matter, recommended Australasian tinned meats for institutions, and generally for consumption by working men.
London, July 4. The medical officer at Kings Lynn, investigating the matter, recommended Australasian tinned meats for institutions, and generally for consumption by working men.
JAPAN IN MANCHURIA.
EXPECTED AGGRESSIVE MOVEMENT.
St. Petersburg, July 4. The Novoe Vremya declares that Japan has decided to seize the railway as far as Harbin.
WHARF WORKERS' CONFERENCE.
Wellington, July 4. At the Waterside Workers' Conference, it was resolved that every effort should be made to secure uniform rates of pay in all ports of the colony. It was also decided that the conference should meet annually.
Wellington, July 4. At the Waterside Workers' Conference, it was resolved that every effort should be made to secure uniform rates of pay in all ports of the colony. It was also decided that the conference should meet annually.
Wellington, July 4. At the Waterside Workers' Conference, it was resolved that every effort should be made to secure uniform rates of pay in all ports of the colony. It was also decided that the conference should meet annually.
Wellington, July 4. At the Waterside Workers' Conference, it was resolved that every effort should be made to secure uniform rates of pay in all ports of the colony. It was also decided that the conference should meet annually.
LIBERAL FEDERATION SECRETARYSHIP.
Wellington, July 4. Mr Colvin, secretary of the Liberal and Labour Federation, has resigned his position and Mr T. A. Brown has been appointed secretary pro tem.
O. T. PUNCH for a temperance drink and all-good winter supply is: By nipple of globe, it's called, I think By everyone who tries it.
